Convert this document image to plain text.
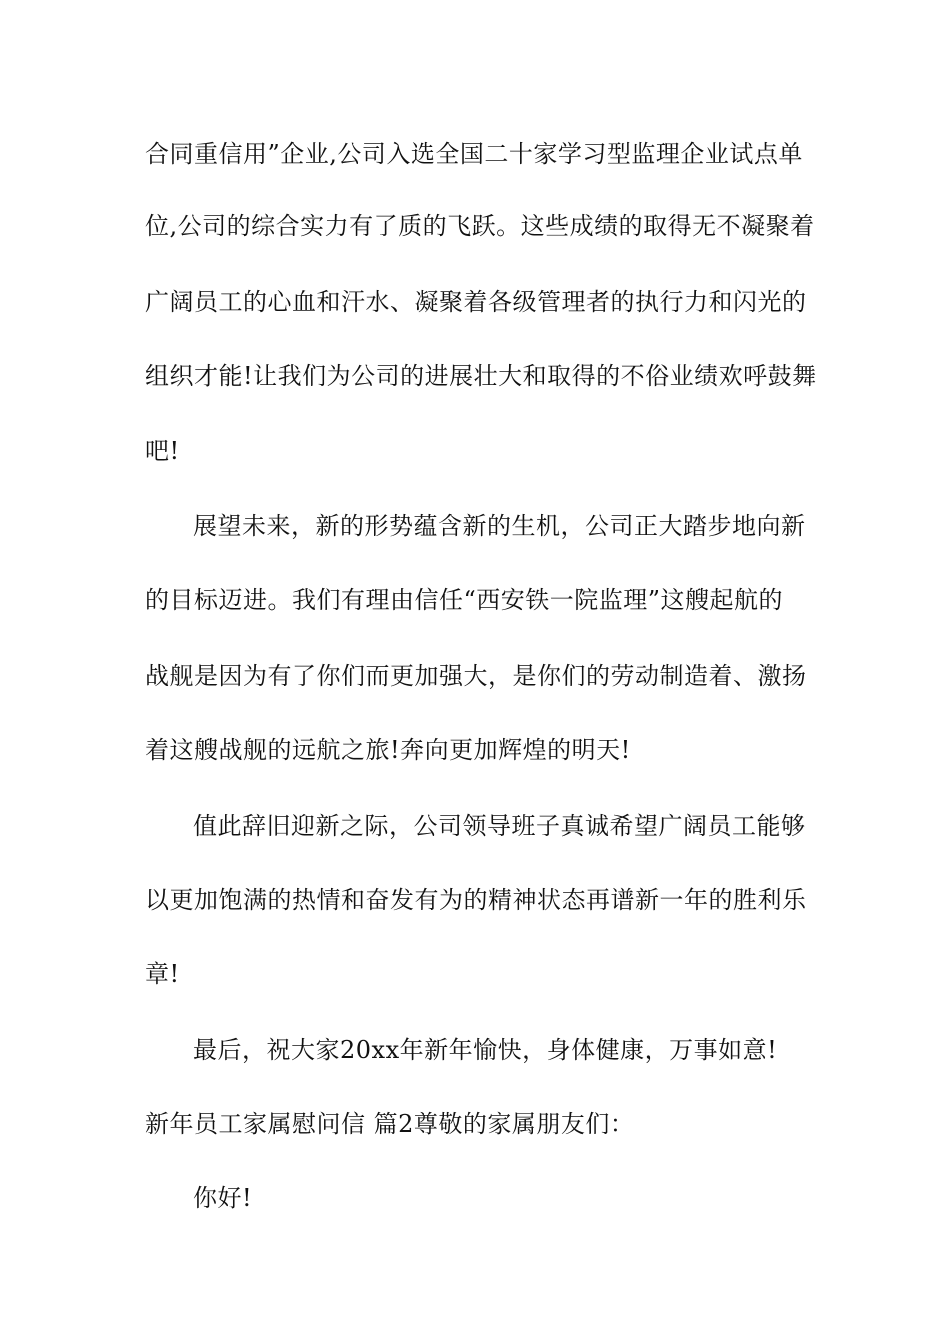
合同重信用”企业,公司入选全国二十家学习型监理企业试点单
位,公司的综合实力有了质的飞跃。这些成绩的取得无不凝聚着
广阔员工的心血和汗水、凝聚着各级管理者的执行力和闪光的
组织才能!让我们为公司的进展壮大和取得的不俗业绩欢呼鼓舞
吧!
展望未来，新的形势蕴含新的生机，公司正大踏步地向新
的目标迈进。我们有理由信任“西安铁一院监理”这艘起航的
战舰是因为有了你们而更加强大，是你们的劳动制造着、激扬
着这艘战舰的远航之旅!奔向更加辉煌的明天!
值此辞旧迎新之际，公司领导班子真诚希望广阔员工能够
以更加饱满的热情和奋发有为的精神状态再谱新一年的胜利乐
章!
最后，祝大家20xx年新年愉快，身体健康，万事如意!
新年员工家属慰问信 篇2尊敬的家属朋友们：
你好!
